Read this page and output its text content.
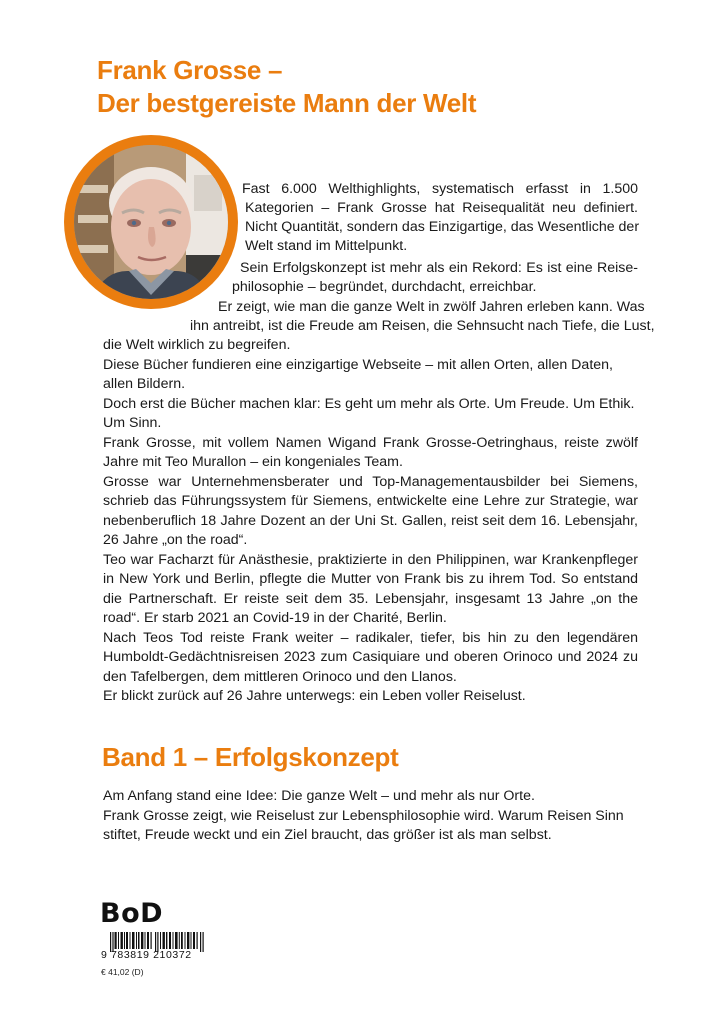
Frank Grosse –
Der bestgereiste Mann der Welt
Fast 6.000 Welthighlights, systematisch erfasst in 1.500
Kategorien – Frank Grosse hat Reisequalität neu definiert.
Nicht Quantität, sondern das Einzigartige, das Wesentliche der
Welt stand im Mittelpunkt.
Sein Erfolgskonzept ist mehr als ein Rekord: Es ist eine Reise-
philosophie – begründet, durchdacht, erreichbar.
Er zeigt, wie man die ganze Welt in zwölf Jahren erleben kann. Was
ihn antreibt, ist die Freude am Reisen, die Sehnsucht nach Tiefe, die Lust,

die Welt wirklich zu begreifen.

Diese Bücher fundieren eine einzigartige Webseite – mit allen Orten, allen Daten, allen Bildern.

Doch erst die Bücher machen klar: Es geht um mehr als Orte. Um Freude. Um Ethik. Um Sinn.

Frank Grosse, mit vollem Namen Wigand Frank Grosse-Oetringhaus, reiste zwölf Jahre mit Teo Murallon – ein kongeniales Team.

Grosse war Unternehmensberater und Top-Managementausbilder bei Siemens, schrieb das Führungssystem für Siemens, entwickelte eine Lehre zur Strategie, war nebenberuflich 18 Jahre Dozent an der Uni St. Gallen, reist seit dem 16. Lebensjahr, 26 Jahre „on the road“.

Teo war Facharzt für Anästhesie, praktizierte in den Philippinen, war Krankenpfleger in New York und Berlin, pflegte die Mutter von Frank bis zu ihrem Tod. So entstand die Partnerschaft. Er reiste seit dem 35. Lebensjahr, insgesamt 13 Jahre „on the road“. Er starb 2021 an Covid-19 in der Charité, Berlin.

Nach Teos Tod reiste Frank weiter – radikaler, tiefer, bis hin zu den legendären Humboldt-Gedächtnisreisen 2023 zum Casiquiare und oberen Orinoco und 2024 zu den Tafelbergen, dem mittleren Orinoco und den Llanos.

Er blickt zurück auf 26 Jahre unterwegs: ein Leben voller Reiselust.

Band 1 – Erfolgskonzept

Am Anfang stand eine Idee: Die ganze Welt – und mehr als nur Orte.

Frank Grosse zeigt, wie Reiselust zur Lebensphilosophie wird. Warum Reisen Sinn stiftet, Freude weckt und ein Ziel braucht, das größer ist als man selbst.

BoD
9 783819 210372
€ 41,02 (D)
